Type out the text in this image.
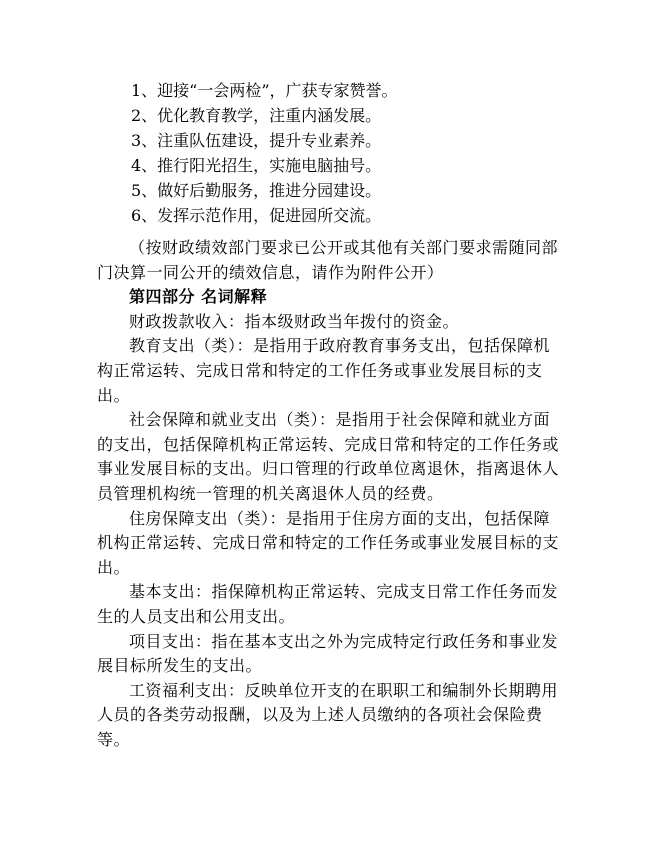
1、迎接“一会两检”，广获专家赞誉。
2、优化教育教学，注重内涵发展。
3、注重队伍建设，提升专业素养。
4、推行阳光招生，实施电脑抽号。
5、做好后勤服务，推进分园建设。
6、发挥示范作用，促进园所交流。

（按财政绩效部门要求已公开或其他有关部门要求需随同部门决算一同公开的绩效信息，请作为附件公开）

第四部分 名词解释

财政拨款收入：指本级财政当年拨付的资金。

教育支出（类）：是指用于政府教育事务支出，包括保障机构正常运转、完成日常和特定的工作任务或事业发展目标的支出。

社会保障和就业支出（类）：是指用于社会保障和就业方面的支出，包括保障机构正常运转、完成日常和特定的工作任务或事业发展目标的支出。归口管理的行政单位离退休，指离退休人员管理机构统一管理的机关离退休人员的经费。

住房保障支出（类）：是指用于住房方面的支出，包括保障机构正常运转、完成日常和特定的工作任务或事业发展目标的支出。

基本支出：指保障机构正常运转、完成支日常工作任务而发生的人员支出和公用支出。

项目支出：指在基本支出之外为完成特定行政任务和事业发展目标所发生的支出。

工资福利支出：反映单位开支的在职职工和编制外长期聘用人员的各类劳动报酬，以及为上述人员缴纳的各项社会保险费等。
